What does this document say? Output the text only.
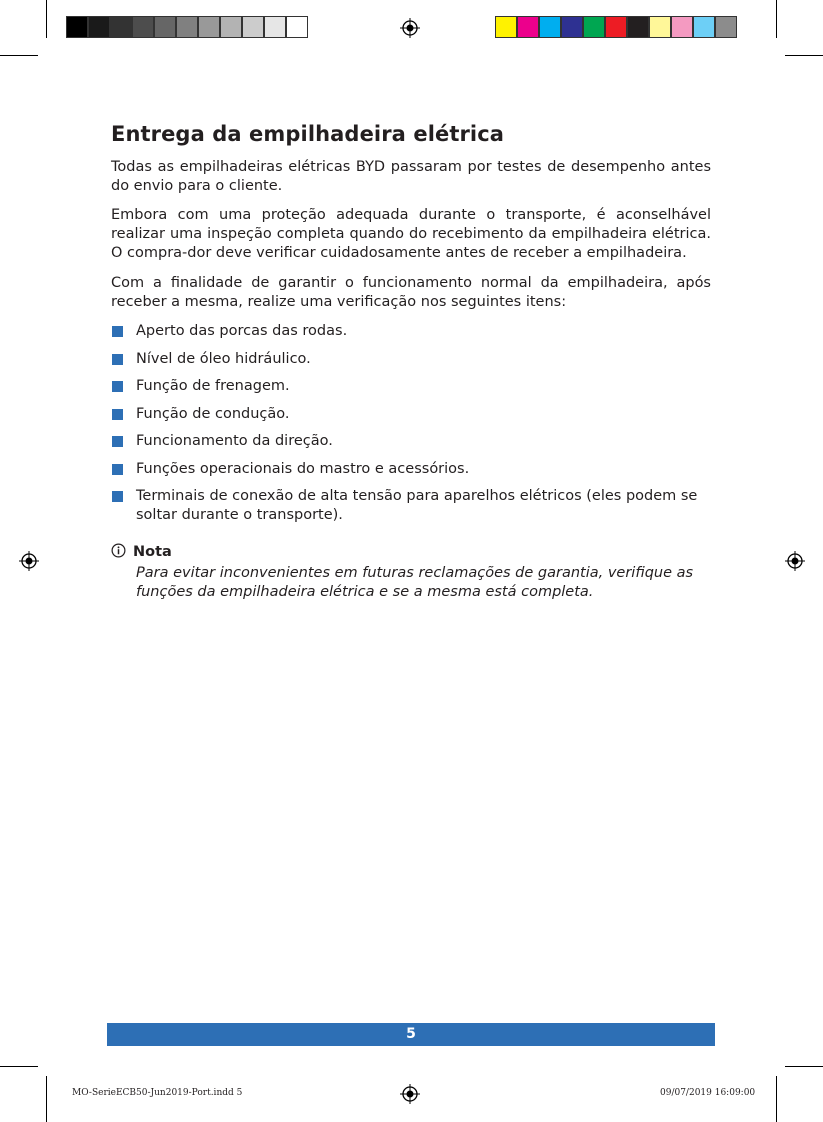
Entrega da empilhadeira elétrica

Todas as empilhadeiras elétricas BYD passaram por testes de desempenho antes do envio para o cliente.

Embora com uma proteção adequada durante o transporte, é aconselhável realizar uma inspeção completa quando do recebimento da empilhadeira elétrica. O compra-dor deve verificar cuidadosamente antes de receber a empilhadeira.

Com a finalidade de garantir o funcionamento normal da empilhadeira, após receber a mesma, realize uma verificação nos seguintes itens:

Aperto das porcas das rodas.
Nível de óleo hidráulico.
Função de frenagem.
Função de condução.
Funcionamento da direção.
Funções operacionais do mastro e acessórios.
Terminais de conexão de alta tensão para aparelhos elétricos (eles podem se soltar durante o transporte).
Nota

Para evitar inconvenientes em futuras reclamações de garantia, verifique as funções da empilhadeira elétrica e se a mesma está completa.

5
MO-SerieECB50-Jun2019-Port.indd 5	09/07/2019 16:09:00
